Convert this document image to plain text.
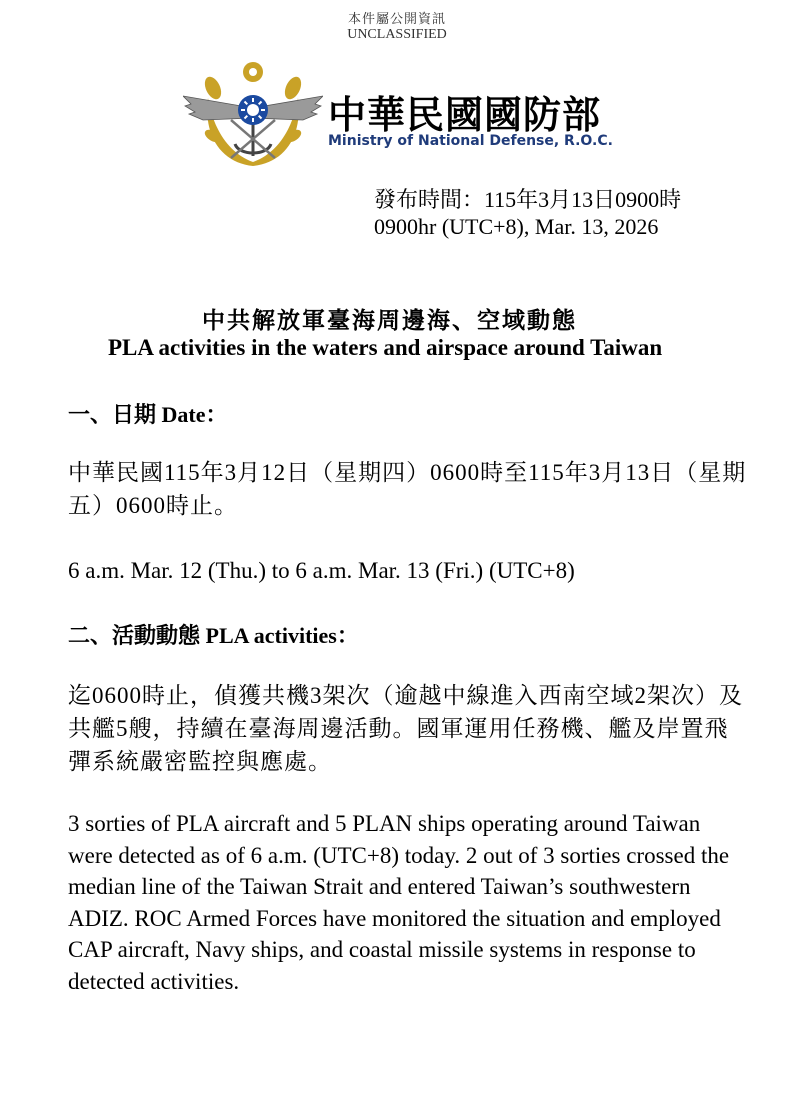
本件屬公開資訊
UNCLASSIFIED
中華民國國防部
Ministry of National Defense, R.O.C.
發布時間：115年3月13日0900時
0900hr (UTC+8), Mar. 13, 2026
中共解放軍臺海周邊海、空域動態
PLA activities in the waters and airspace around Taiwan
一、日期 Date：
中華民國115年3月12日（星期四）0600時至115年3月13日（星期五）0600時止。
6 a.m. Mar. 12 (Thu.) to 6 a.m. Mar. 13 (Fri.) (UTC+8)
二、活動動態 PLA activities：
迄0600時止，偵獲共機3架次（逾越中線進入西南空域2架次）及共艦5艘，持續在臺海周邊活動。國軍運用任務機、艦及岸置飛彈系統嚴密監控與應處。
3 sorties of PLA aircraft and 5 PLAN ships operating around Taiwan were detected as of 6 a.m. (UTC+8) today. 2 out of 3 sorties crossed the median line of the Taiwan Strait and entered Taiwan’s southwestern ADIZ. ROC Armed Forces have monitored the situation and employed CAP aircraft, Navy ships, and coastal missile systems in response to detected activities.
